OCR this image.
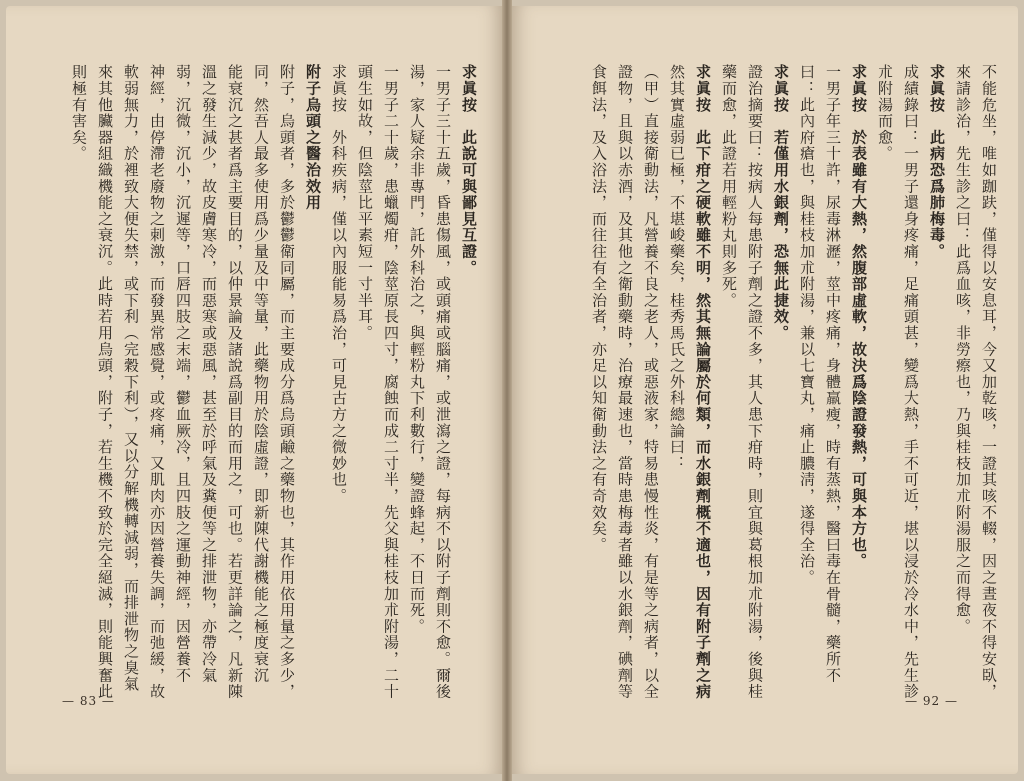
求眞按　此說可與鄙見互證。
一男子三十五歲，昏患傷風，或頭痛或腦痛，或泄瀉之證，每病不以附子劑則不愈。爾後
湯，家人疑余非專門，託外科治之，與輕粉丸下利數行，變證蜂起，不日而死。
一男子二十歲，患蠟燭疳，陰莖原長四寸，腐蝕而成二寸半，先父與桂枝加朮附湯，二十
頭生如故，但陰莖比平素短一寸半耳。
求眞按　外科疾病，僅以內服能易爲治，可見古方之微妙也。
附子烏頭之醫治效用
附子，烏頭者，多於鬱鬱衛同屬，而主要成分爲烏頭鹼之藥物也，其作用依用量之多少，
同，然吾人最多使用爲少量及中等量，此藥物用於陰虛證，即新陳代謝機能之極度衰沉
能衰沉之甚者爲主要目的，以仲景論及諸說爲副目的而用之，可也。若更詳論之，凡新陳
溫之發生減少，故皮膚寒冷，而惡寒或惡風，甚至於呼氣及糞便等之排泄物，亦帶冷氣
弱，沉微，沉小，沉遲等，口唇四肢之末端，鬱血厥冷，且四肢之運動神經，因營養不
神經，由停滯老廢物之刺激，而發異常感覺，或疼痛，又肌肉亦因營養失調，而弛緩，故
軟弱無力，於裡致大便失禁，或下利（完穀下利），又以分解機轉減弱，而排泄物之臭氣
來其他臟器組織機能之衰沉。此時若用烏頭，附子，若生機不致於完全絕滅，則能興奮此
則極有害矣。
— 83 —
不能危坐，唯如跏趺，僅得以安息耳，今又加乾咳，一證其咳不輟，因之晝夜不得安臥，
來請診治，先生診之曰：此爲血咳，非勞瘵也，乃與桂枝加朮附湯服之而得愈。
求眞按　此病恐爲肺梅毒。
成績錄曰：一男子還身疼痛，足痛頭甚，變爲大熱，手不可近，堪以浸於冷水中，先生診
朮附湯而愈。
求眞按　於表雖有大熱，然腹部虛軟，故決爲陰證發熱，可與本方也。
一男子年三十許，尿毒淋瀝，莖中疼痛，身體羸瘦，時有蒸熱，醫曰毒在骨髓，藥所不
曰：此內府瘡也，與桂枝加朮附湯，兼以七寶丸，痛止膿淸，遂得全治。
求眞按　若僅用水銀劑，恐無此捷效。
證治摘要曰：按病人每患附子劑之證不多，其人患下疳時，則宜與葛根加朮附湯，後與桂
藥而愈，此證若用輕粉丸則多死。
求眞按　此下疳之硬軟雖不明，然其無論屬於何類，而水銀劑概不適也，因有附子劑之病
然其實虛弱已極，不堪峻藥矣，桂秀馬氏之外科總論曰：
（甲）直接衛動法，凡營養不良之老人，或惡液家，特易患慢性炎，有是等之病者，以全
證物，且與以赤酒，及其他之衛動藥時，治療最速也，當時患梅毒者雖以水銀劑，碘劑等
食餌法，及入浴法，而往往有全治者，亦足以知衛動法之有奇效矣。
— 92 —
